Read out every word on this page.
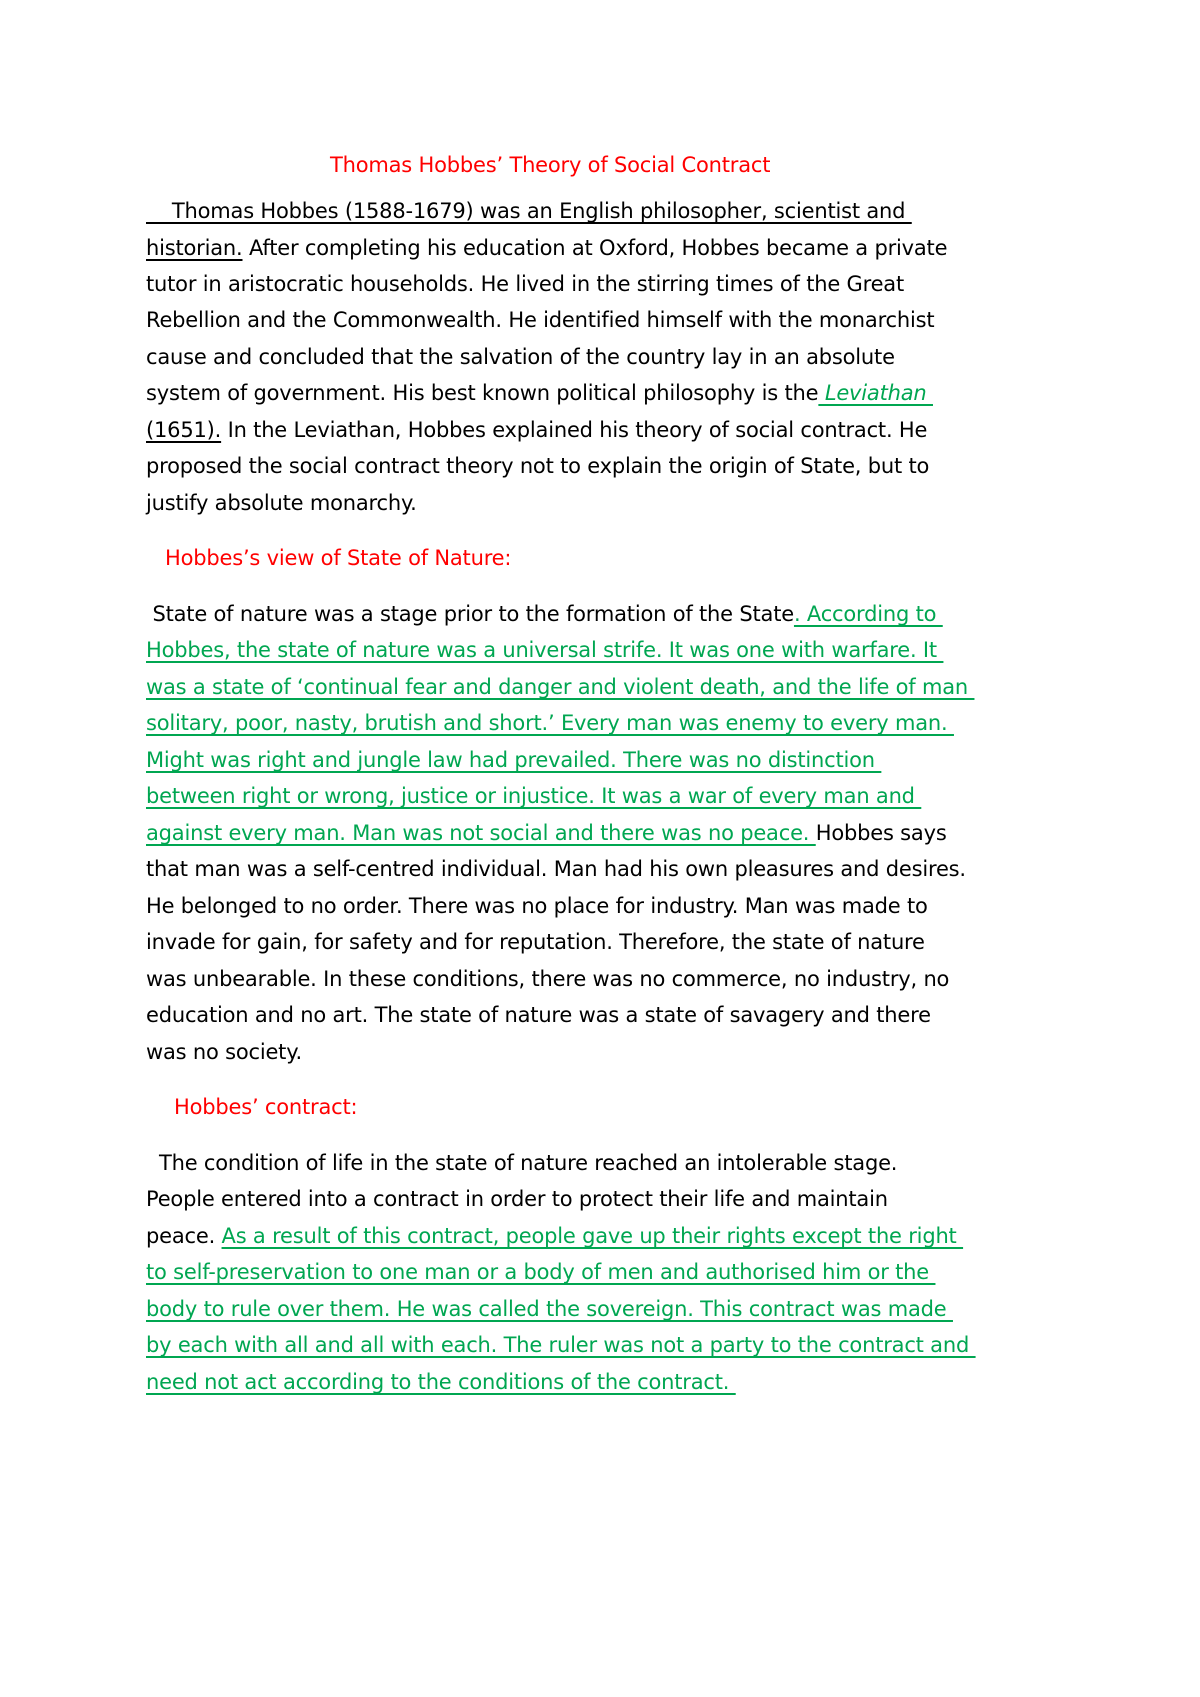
Thomas Hobbes’ Theory of Social Contract
Thomas Hobbes (1588-1679) was an English philosopher, scientist and
historian. After completing his education at Oxford, Hobbes became a private
tutor in aristocratic households. He lived in the stirring times of the Great
Rebellion and the Commonwealth. He identified himself with the monarchist
cause and concluded that the salvation of the country lay in an absolute
system of government. His best known political philosophy is the Leviathan
(1651). In the Leviathan, Hobbes explained his theory of social contract. He
proposed the social contract theory not to explain the origin of State, but to
justify absolute monarchy.
Hobbes’s view of State of Nature:
State of nature was a stage prior to the formation of the State. According to
Hobbes, the state of nature was a universal strife. It was one with warfare. It
was a state of ‘continual fear and danger and violent death, and the life of man
solitary, poor, nasty, brutish and short.’ Every man was enemy to every man.
Might was right and jungle law had prevailed. There was no distinction
between right or wrong, justice or injustice. It was a war of every man and
against every man. Man was not social and there was no peace. Hobbes says
that man was a self-centred individual. Man had his own pleasures and desires.
He belonged to no order. There was no place for industry. Man was made to
invade for gain, for safety and for reputation. Therefore, the state of nature
was unbearable. In these conditions, there was no commerce, no industry, no
education and no art. The state of nature was a state of savagery and there
was no society.
Hobbes’ contract:
The condition of life in the state of nature reached an intolerable stage.
People entered into a contract in order to protect their life and maintain
peace. As a result of this contract, people gave up their rights except the right
to self-preservation to one man or a body of men and authorised him or the
body to rule over them. He was called the sovereign. This contract was made
by each with all and all with each. The ruler was not a party to the contract and
need not act according to the conditions of the contract.
